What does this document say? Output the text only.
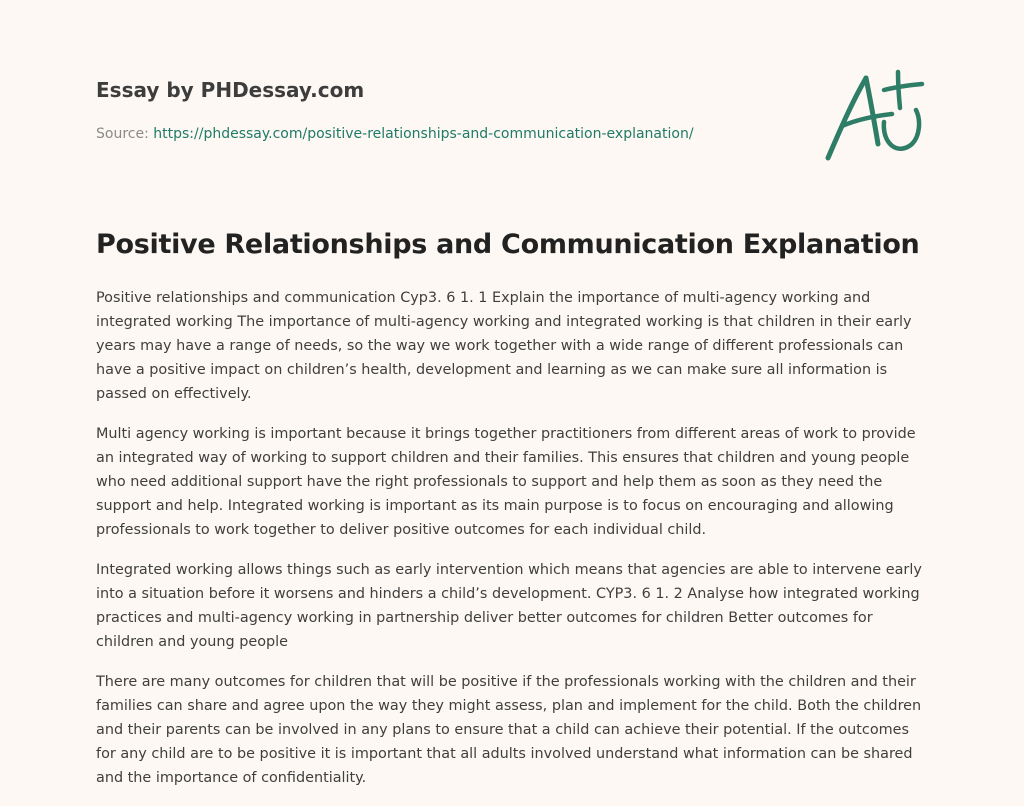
Essay by PHDessay.com
Source: https://phdessay.com/positive-relationships-and-communication-explanation/
Positive Relationships and Communication Explanation

Positive relationships and communication Cyp3. 6 1. 1 Explain the importance of multi-agency working and integrated working The importance of multi-agency working and integrated working is that children in their early years may have a range of needs, so the way we work together with a wide range of different professionals can have a positive impact on children’s health, development and learning as we can make sure all information is passed on effectively.

Multi agency working is important because it brings together practitioners from different areas of work to provide an integrated way of working to support children and their families. This ensures that children and young people who need additional support have the right professionals to support and help them as soon as they need the support and help. Integrated working is important as its main purpose is to focus on encouraging and allowing professionals to work together to deliver positive outcomes for each individual child.

Integrated working allows things such as early intervention which means that agencies are able to intervene early into a situation before it worsens and hinders a child’s development. CYP3. 6 1. 2 Analyse how integrated working practices and multi-agency working in partnership deliver better outcomes for children Better outcomes for children and young people

There are many outcomes for children that will be positive if the professionals working with the children and their families can share and agree upon the way they might assess, plan and implement for the child. Both the children and their parents can be involved in any plans to ensure that a child can achieve their potential. If the outcomes for any child are to be positive it is important that all adults involved understand what information can be shared and the importance of confidentiality.
